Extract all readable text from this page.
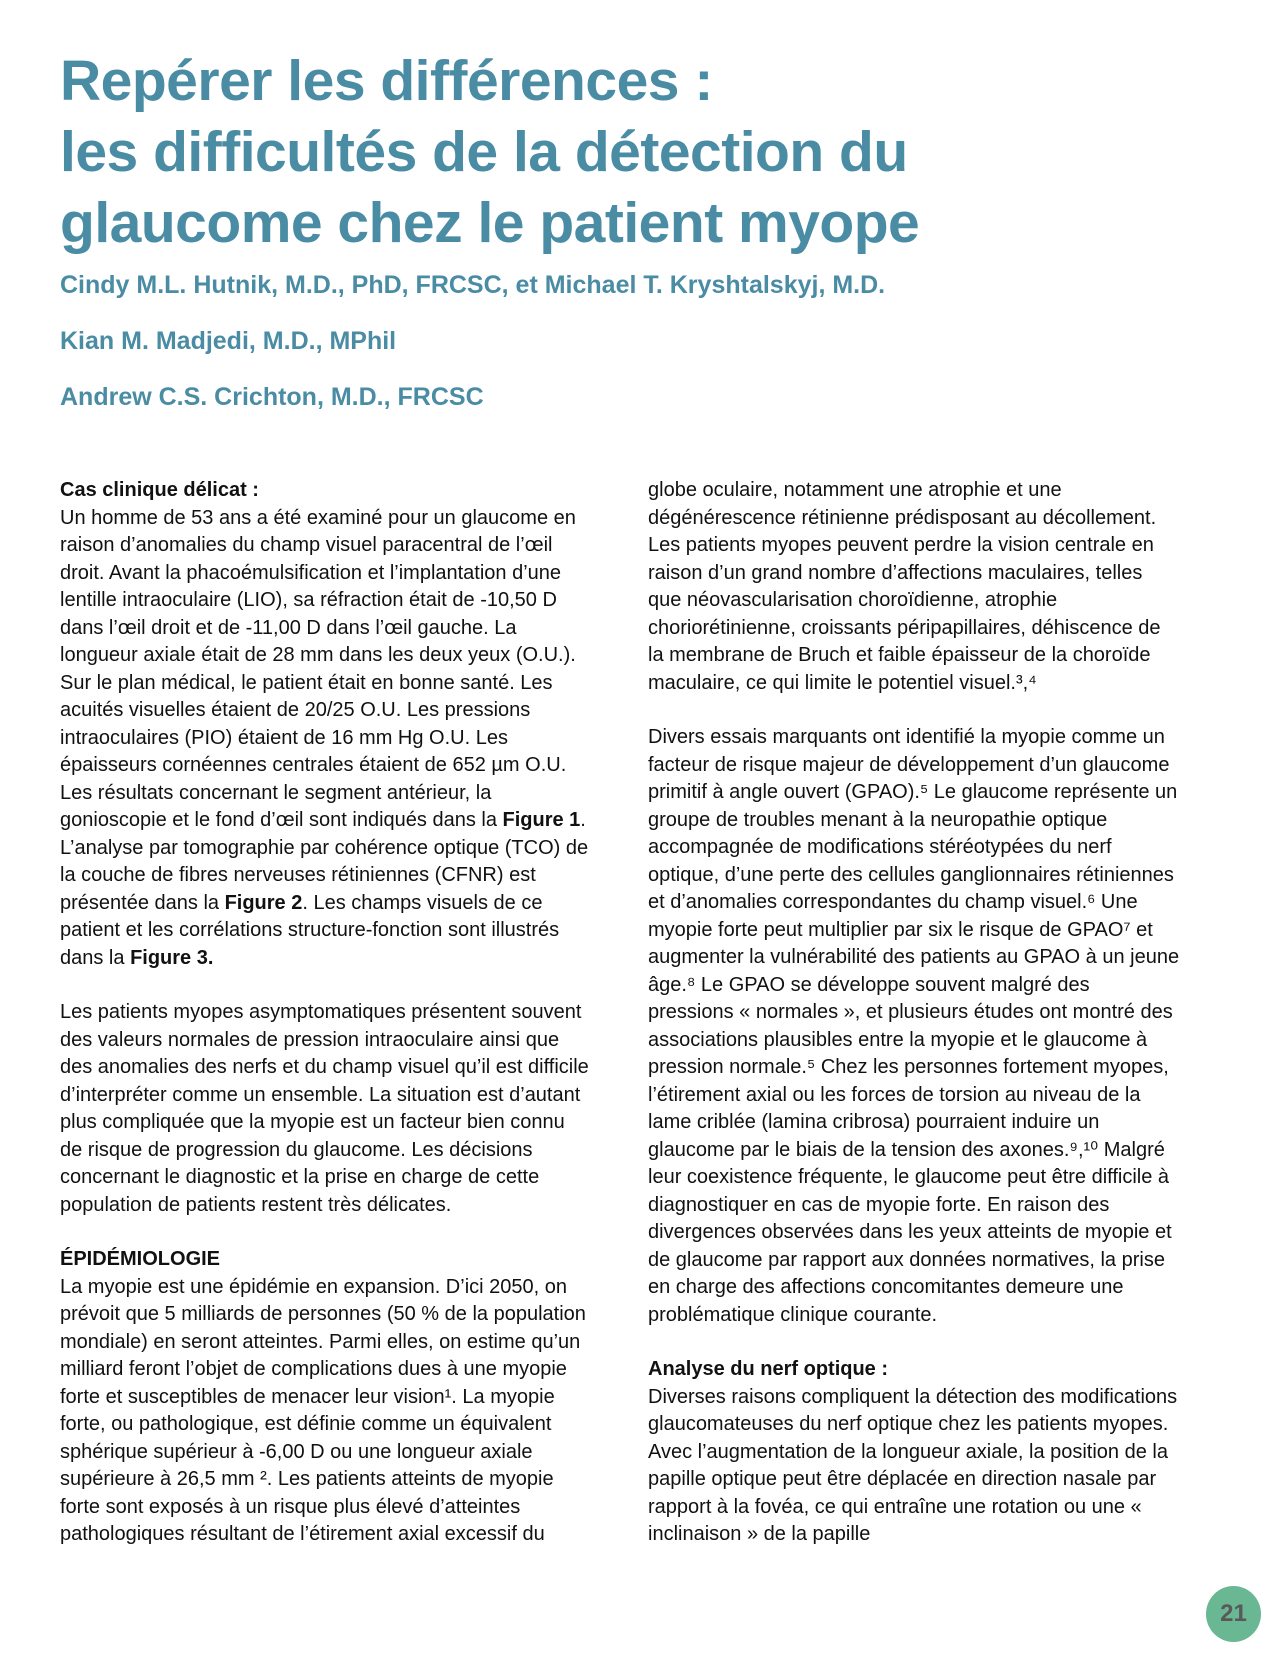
Repérer les différences :
les difficultés de la détection du
glaucome chez le patient myope
Cindy M.L. Hutnik, M.D., PhD, FRCSC, et Michael T. Kryshtalskyj, M.D.
Kian M. Madjedi, M.D., MPhil
Andrew C.S. Crichton, M.D., FRCSC
Cas clinique délicat :

Un homme de 53 ans a été examiné pour un glaucome en raison d’anomalies du champ visuel paracentral de l’œil droit. Avant la phacoémulsification et l’implantation d’une lentille intraoculaire (LIO), sa réfraction était de -10,50 D dans l’œil droit et de -11,00 D dans l’œil gauche. La longueur axiale était de 28 mm dans les deux yeux (O.U.). Sur le plan médical, le patient était en bonne santé. Les acuités visuelles étaient de 20/25 O.U. Les pressions intraoculaires (PIO) étaient de 16 mm Hg O.U. Les épaisseurs cornéennes centrales étaient de 652 µm O.U. Les résultats concernant le segment antérieur, la gonioscopie et le fond d’œil sont indiqués dans la Figure 1. L’analyse par tomographie par cohérence optique (TCO) de la couche de fibres nerveuses rétiniennes (CFNR) est présentée dans la Figure 2. Les champs visuels de ce patient et les corrélations structure-fonction sont illustrés dans la Figure 3.

Les patients myopes asymptomatiques présentent souvent des valeurs normales de pression intraoculaire ainsi que des anomalies des nerfs et du champ visuel qu’il est difficile d’interpréter comme un ensemble. La situation est d’autant plus compliquée que la myopie est un facteur bien connu de risque de progression du glaucome. Les décisions concernant le diagnostic et la prise en charge de cette population de patients restent très délicates.

ÉPIDÉMIOLOGIE

La myopie est une épidémie en expansion. D’ici 2050, on prévoit que 5 milliards de personnes (50 % de la population mondiale) en seront atteintes. Parmi elles, on estime qu’un milliard feront l’objet de complications dues à une myopie forte et susceptibles de menacer leur vision¹. La myopie forte, ou pathologique, est définie comme un équivalent sphérique supérieur à -6,00 D ou une longueur axiale supérieure à 26,5 mm ². Les patients atteints de myopie forte sont exposés à un risque plus élevé d’atteintes pathologiques résultant de l’étirement axial excessif du

globe oculaire, notamment une atrophie et une dégénérescence rétinienne prédisposant au décollement. Les patients myopes peuvent perdre la vision centrale en raison d’un grand nombre d’affections maculaires, telles que néovascularisation choroïdienne, atrophie choriorétinienne, croissants péripapillaires, déhiscence de la membrane de Bruch et faible épaisseur de la choroïde maculaire, ce qui limite le potentiel visuel.³,⁴

Divers essais marquants ont identifié la myopie comme un facteur de risque majeur de développement d’un glaucome primitif à angle ouvert (GPAO).⁵ Le glaucome représente un groupe de troubles menant à la neuropathie optique accompagnée de modifications stéréotypées du nerf optique, d’une perte des cellules ganglionnaires rétiniennes et d’anomalies correspondantes du champ visuel.⁶ Une myopie forte peut multiplier par six le risque de GPAO⁷ et augmenter la vulnérabilité des patients au GPAO à un jeune âge.⁸ Le GPAO se développe souvent malgré des pressions « normales », et plusieurs études ont montré des associations plausibles entre la myopie et le glaucome à pression normale.⁵ Chez les personnes fortement myopes, l’étirement axial ou les forces de torsion au niveau de la lame criblée (lamina cribrosa) pourraient induire un glaucome par le biais de la tension des axones.⁹,¹⁰ Malgré leur coexistence fréquente, le glaucome peut être difficile à diagnostiquer en cas de myopie forte. En raison des divergences observées dans les yeux atteints de myopie et de glaucome par rapport aux données normatives, la prise en charge des affections concomitantes demeure une problématique clinique courante.

Analyse du nerf optique :

Diverses raisons compliquent la détection des modifications glaucomateuses du nerf optique chez les patients myopes. Avec l’augmentation de la longueur axiale, la position de la papille optique peut être déplacée en direction nasale par rapport à la fovéa, ce qui entraîne une rotation ou une « inclinaison » de la papille

21
